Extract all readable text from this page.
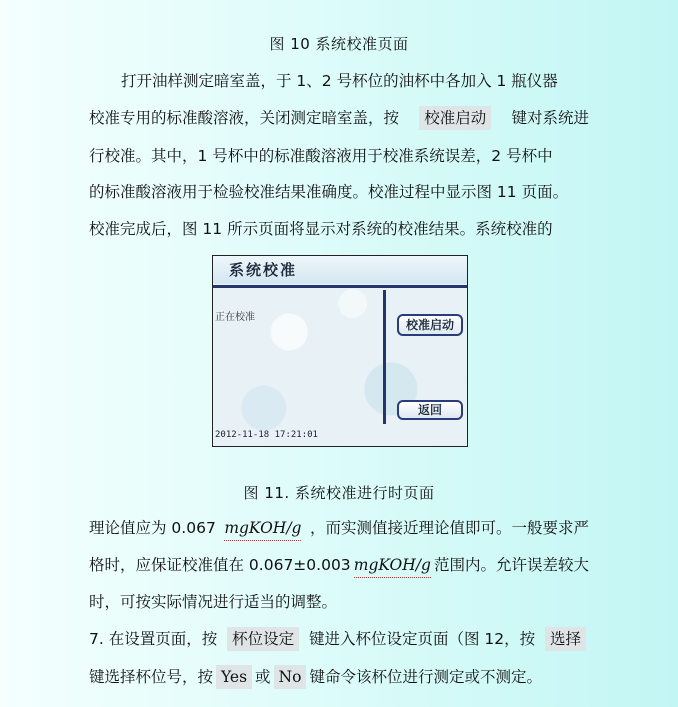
图 10 系统校准页面
打开油样测定暗室盖，于 1、2 号杯位的油杯中各加入 1 瓶仪器
校准专用的标准酸溶液，关闭测定暗室盖，按	校准启动	键对系统进
行校准。其中，1 号杯中的标准酸溶液用于校准系统误差，2 号杯中
的标准酸溶液用于检验校准结果准确度。校准过程中显示图 11 页面。
校准完成后，图 11 所示页面将显示对系统的校准结果。系统校准的
系统校准
正在校准
校准启动
返回
2012-11-18 17:21:01
图 11. 系统校准进行时页面
理论值应为 0.067 mgKOH/g ，而实测值接近理论值即可。一般要求严
格时，应保证校准值在 0.067±0.003 mgKOH/g 范围内。允许误差较大
时，可按实际情况进行适当的调整。
7. 在设置页面，按 杯位设定 键进入杯位设定页面（图 12，按 选择
键选择杯位号，按 Yes 或 No 键命令该杯位进行测定或不测定。
